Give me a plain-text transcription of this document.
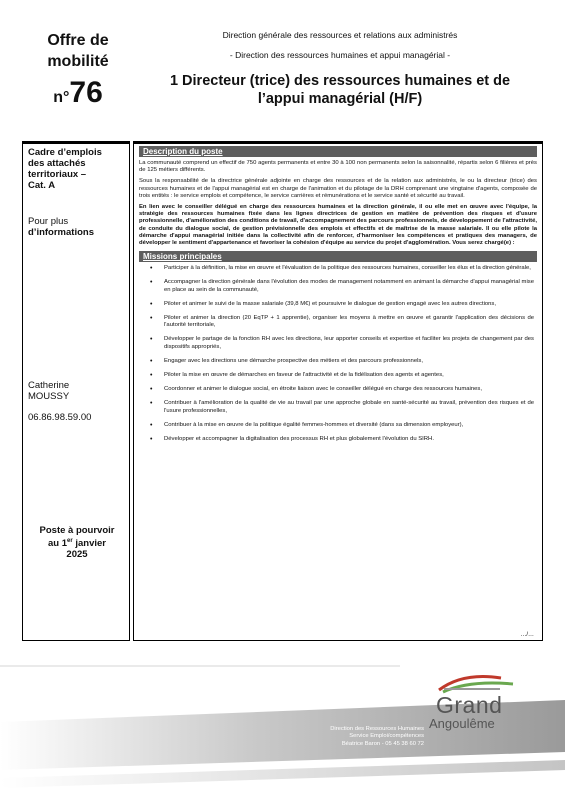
Offre de
mobilité
n°76
Direction générale des ressources et relations aux administrés
- Direction des ressources humaines et appui managérial -
1 Directeur (trice) des ressources humaines et de
l’appui managérial (H/F)
Cadre d’emplois
des attachés
territoriaux –
Cat. A
Pour plus
d’informations
Catherine
MOUSSY
06.86.98.59.00
Poste à pourvoir
au 1er janvier
2025
Description du poste
La communauté comprend un effectif de 750 agents permanents et entre 30 à 100 non permanents selon la saisonnalité, répartis selon 6 filières et près de 125 métiers différents.
Sous la responsabilité de la directrice générale adjointe en charge des ressources et de la relation aux administrés, le ou la directeur (trice) des ressources humaines et de l'appui managérial est en charge de l'animation et du pilotage de la DRH comprenant une vingtaine d'agents, composée de trois entités : le service emplois et compétence, le service carrières et rémunérations et le service santé et sécurité au travail.
En lien avec le conseiller délégué en charge des ressources humaines et la direction générale, il ou elle met en œuvre avec l'équipe, la stratégie des ressources humaines fixée dans les lignes directrices de gestion en matière de prévention des risques et d'usure professionnelle, d'amélioration des conditions de travail, d'accompagnement des parcours professionnels, de développement de l'attractivité, de conduite du dialogue social, de gestion prévisionnelle des emplois et effectifs et de maîtrise de la masse salariale. Il ou elle pilote la démarche d'appui managérial initiée dans la collectivité afin de renforcer, d'harmoniser les compétences et pratiques des managers, de développer le sentiment d'appartenance et favoriser la cohésion d'équipe au service du projet d'agglomération. Vous serez chargé(e) :
Missions principales
• Participer à la définition, la mise en œuvre et l'évaluation de la politique des ressources humaines, conseiller les élus et la direction générale,
• Accompagner la direction générale dans l'évolution des modes de management notamment en animant la démarche d'appui managérial mise en place au sein de la communauté,
• Piloter et animer le suivi de la masse salariale (39,8 M€) et poursuivre le dialogue de gestion engagé avec les autres directions,
• Piloter et animer la direction (20 EqTP + 1 apprentie), organiser les moyens à mettre en œuvre et garantir l'application des décisions de l'autorité territoriale,
• Développer le partage de la fonction RH avec les directions, leur apporter conseils et expertise et faciliter les projets de changement par des dispositifs appropriés,
• Engager avec les directions une démarche prospective des métiers et des parcours professionnels,
• Piloter la mise en œuvre de démarches en faveur de l'attractivité et de la fidélisation des agents et agentes,
• Coordonner et animer le dialogue social, en étroite liaison avec le conseiller délégué en charge des ressources humaines,
• Contribuer à l'amélioration de la qualité de vie au travail par une approche globale en santé-sécurité au travail, prévention des risques et de l'usure professionnelles,
• Contribuer à la mise en œuvre de la politique égalité femmes-hommes et diversité (dans sa dimension employeur),
• Développer et accompagner la digitalisation des processus RH et plus globalement l'évolution du SIRH.
…/…
Direction des Ressources Humaines
Service Emploi/compétences
Béatrice Baron - 05 45 38 60 72
Grand
Angoulême
